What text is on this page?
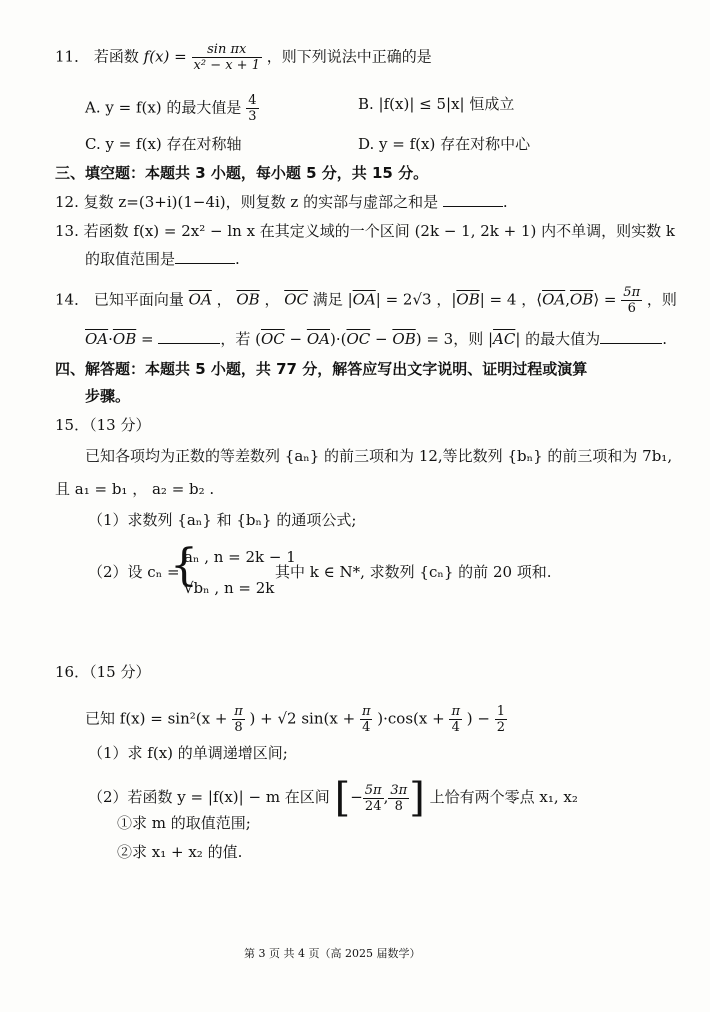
11． 若函数 $f(x) = \frac{\text{sin πx}}{\text{x² − x + 1}}$ ，则下列说法中正确的是
A. y = f(x) 的最大值是 $\frac{4}{3}$	B. |f(x)| ≤ 5|x| 恒成立
C. y = f(x) 存在对称轴	D. y = f(x) 存在对称中心
三、填空题：本题共 3 小题，每小题 5 分，共 15 分。
12. 复数 z=(3+i)(1−4i)，则复数 z 的实部与虚部之和是	.
13. 若函数 f(x) = 2x² − ln x 在其定义域的一个区间 (2k − 1, 2k + 1) 内不单调，则实数 k
的取值范围是	.
14． 已知平面向量 $\overline{OA}$ ， $\overline{OB}$ ， $\overline{OC}$ 满足 $|\overline{OA}| = 2√3$ ，$|\overline{OB}| = 4$ ，$⟨\overline{OA},\overline{OB}⟩ = \frac{5\pi}{6}$ ，则
$\overline{OA}\cdot\overline{OB}$ =	，若 $(\overline{OC} - \overline{OA})\cdot(\overline{OC} - \overline{OB}) = 3$，则 $|\overline{AC}|$ 的最大值为	.
四、解答题：本题共 5 小题，共 77 分，解答应写出文字说明、证明过程或演算
步骤。
15．（13 分）
已知各项均为正数的等差数列 {aₙ} 的前三项和为 12,等比数列 {bₙ} 的前三项和为 7b₁,
且 a₁ = b₁ ， a₂ = b₂ .
（1）求数列 {aₙ} 和 {bₙ} 的通项公式;
（2）设 cₙ =
{
aₙ , n = 2k − 1
√bₙ , n = 2k
其中 k ∈ N*, 求数列 {cₙ} 的前 20 项和.
16．（15 分）
已知 $f(x) = \sin^2(x + \frac{\pi}{8}$ ) + √2 $\sin(x + \frac{\pi}{4} )\cdot\cos(x + \frac{\pi}{4}$ ) − $\frac{1}{2}$
（1）求 f(x) 的单调递增区间;
（2）若函数 y = |f(x)| − m 在区间 [− $\frac{5\pi}{24}$ , $\frac{3\pi}{8}$ ] 上恰有两个零点 x₁, x₂
①求 m 的取值范围;
②求 x₁ + x₂ 的值.
第 3 页 共 4 页（高 2025 届数学）
